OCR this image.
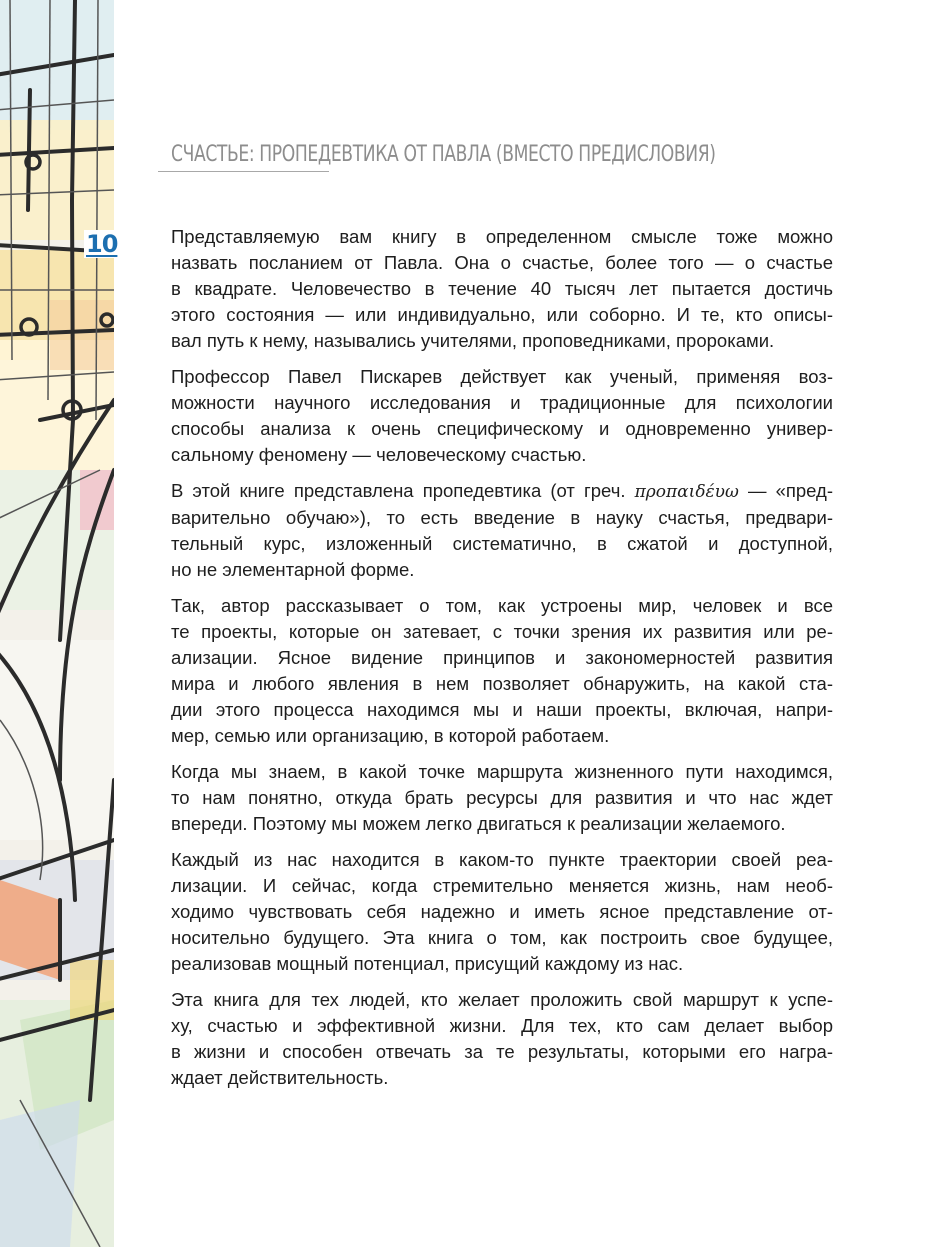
10
СЧАСТЬЕ: ПРОПЕДЕВТИКА ОТ ПАВЛА (ВМЕСТО ПРЕДИСЛОВИЯ)

Представляемую вам книгу в определенном смысле тоже можно
назвать посланием от Павла. Она о счастье, более того — о счастье
в квадрате. Человечество в течение 40 тысяч лет пытается достичь
этого состояния — или индивидуально, или соборно. И те, кто описы-
вал путь к нему, назывались учителями, проповедниками, пророками.

Профессор Павел Пискарев действует как ученый, применяя воз-
можности научного исследования и традиционные для психологии
способы анализа к очень специфическому и одновременно универ-
сальному феномену — человеческому счастью.

В этой книге представлена пропедевтика (от греч. προπαιδέυω — «пред-
варительно обучаю»), то есть введение в науку счастья, предвари-
тельный курс, изложенный систематично, в сжатой и доступной,
но не элементарной форме.

Так, автор рассказывает о том, как устроены мир, человек и все
те проекты, которые он затевает, с точки зрения их развития или ре-
ализации. Ясное видение принципов и закономерностей развития
мира и любого явления в нем позволяет обнаружить, на какой ста-
дии этого процесса находимся мы и наши проекты, включая, напри-
мер, семью или организацию, в которой работаем.

Когда мы знаем, в какой точке маршрута жизненного пути находимся,
то нам понятно, откуда брать ресурсы для развития и что нас ждет
впереди. Поэтому мы можем легко двигаться к реализации желаемого.

Каждый из нас находится в каком-то пункте траектории своей реа-
лизации. И сейчас, когда стремительно меняется жизнь, нам необ-
ходимо чувствовать себя надежно и иметь ясное представление от-
носительно будущего. Эта книга о том, как построить свое будущее,
реализовав мощный потенциал, присущий каждому из нас.

Эта книга для тех людей, кто желает проложить свой маршрут к успе-
ху, счастью и эффективной жизни. Для тех, кто сам делает выбор
в жизни и способен отвечать за те результаты, которыми его награ-
ждает действительность.
